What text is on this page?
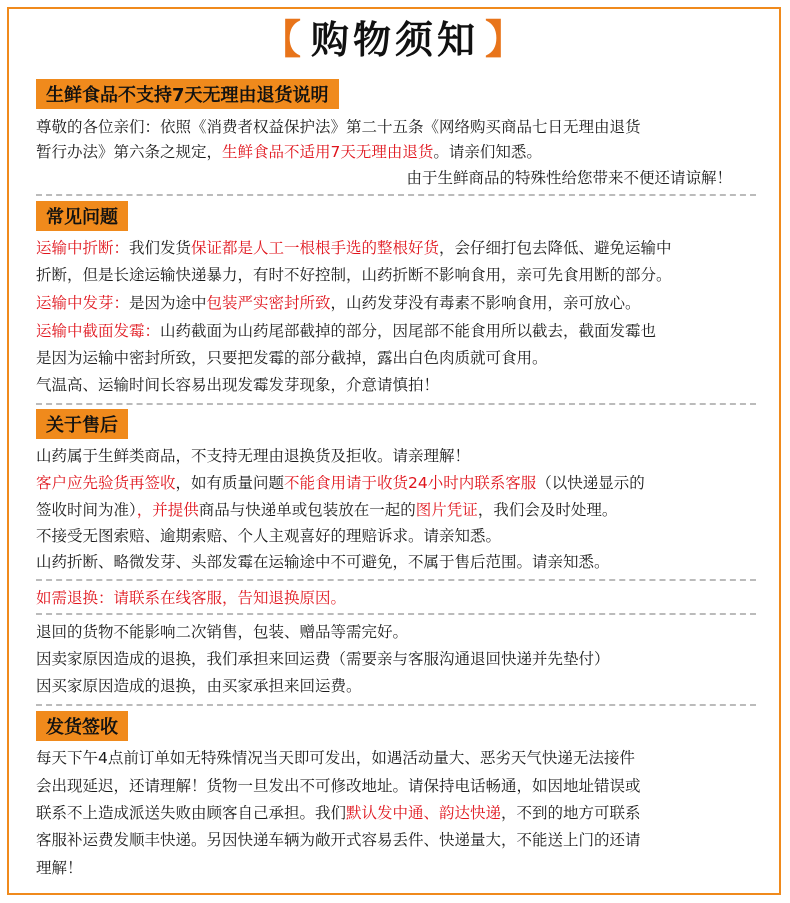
【 购物须知 】
生鲜食品不支持7天无理由退货说明
尊敬的各位亲们：依照《消费者权益保护法》第二十五条《网络购买商品七日无理由退货
暂行办法》第六条之规定，生鲜食品不适用7天无理由退货。请亲们知悉。
由于生鲜商品的特殊性给您带来不便还请谅解！
常见问题
运输中折断：我们发货保证都是人工一根根手选的整根好货，会仔细打包去降低、避免运输中
折断，但是长途运输快递暴力，有时不好控制，山药折断不影响食用，亲可先食用断的部分。
运输中发芽：是因为途中包装严实密封所致，山药发芽没有毒素不影响食用，亲可放心。
运输中截面发霉：山药截面为山药尾部截掉的部分，因尾部不能食用所以截去，截面发霉也
是因为运输中密封所致，只要把发霉的部分截掉，露出白色肉质就可食用。
气温高、运输时间长容易出现发霉发芽现象，介意请慎拍！
关于售后
山药属于生鲜类商品，不支持无理由退换货及拒收。请亲理解！
客户应先验货再签收，如有质量问题不能食用请于收货24小时内联系客服（以快递显示的
签收时间为准），并提供商品与快递单或包装放在一起的图片凭证，我们会及时处理。
不接受无图索赔、逾期索赔、个人主观喜好的理赔诉求。请亲知悉。
山药折断、略微发芽、头部发霉在运输途中不可避免，不属于售后范围。请亲知悉。
如需退换：请联系在线客服，告知退换原因。
退回的货物不能影响二次销售，包装、赠品等需完好。
因卖家原因造成的退换，我们承担来回运费（需要亲与客服沟通退回快递并先垫付）
因买家原因造成的退换，由买家承担来回运费。
发货签收
每天下午4点前订单如无特殊情况当天即可发出，如遇活动量大、恶劣天气快递无法接件
会出现延迟，还请理解！货物一旦发出不可修改地址。请保持电话畅通，如因地址错误或
联系不上造成派送失败由顾客自己承担。我们默认发中通、韵达快递，不到的地方可联系
客服补运费发顺丰快递。另因快递车辆为敞开式容易丢件、快递量大，不能送上门的还请
理解！
